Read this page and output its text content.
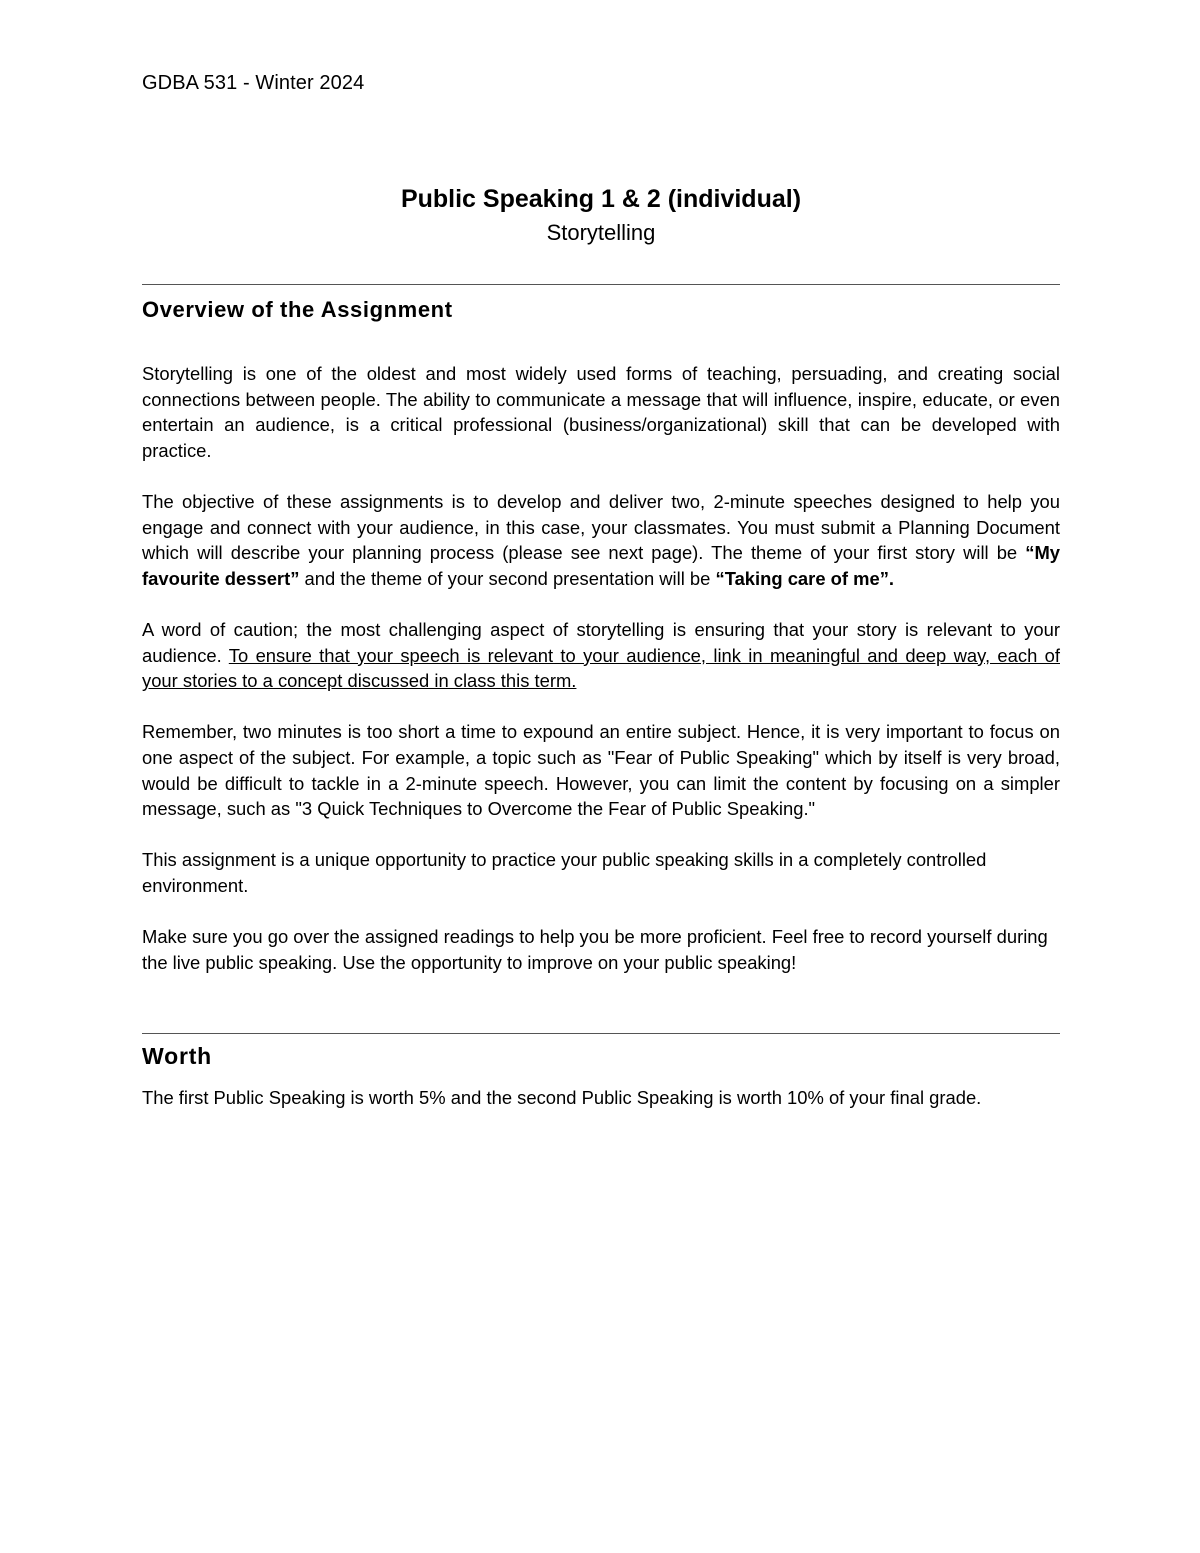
GDBA 531 - Winter 2024
Public Speaking 1 & 2 (individual)
Storytelling
Overview of the Assignment

Storytelling is one of the oldest and most widely used forms of teaching, persuading, and creating social connections between people. The ability to communicate a message that will influence, inspire, educate, or even entertain an audience, is a critical professional (business/organizational) skill that can be developed with practice.

The objective of these assignments is to develop and deliver two, 2-minute speeches designed to help you engage and connect with your audience, in this case, your classmates. You must submit a Planning Document which will describe your planning process (please see next page). The theme of your first story will be “My favourite dessert” and the theme of your second presentation will be “Taking care of me”.

A word of caution; the most challenging aspect of storytelling is ensuring that your story is relevant to your audience. To ensure that your speech is relevant to your audience, link in meaningful and deep way, each of your stories to a concept discussed in class this term.

Remember, two minutes is too short a time to expound an entire subject. Hence, it is very important to focus on one aspect of the subject. For example, a topic such as "Fear of Public Speaking" which by itself is very broad, would be difficult to tackle in a 2-minute speech. However, you can limit the content by focusing on a simpler message, such as "3 Quick Techniques to Overcome the Fear of Public Speaking."

This assignment is a unique opportunity to practice your public speaking skills in a completely controlled environment.

Make sure you go over the assigned readings to help you be more proficient. Feel free to record yourself during the live public speaking. Use the opportunity to improve on your public speaking!

Worth

The first Public Speaking is worth 5% and the second Public Speaking is worth 10% of your final grade.
